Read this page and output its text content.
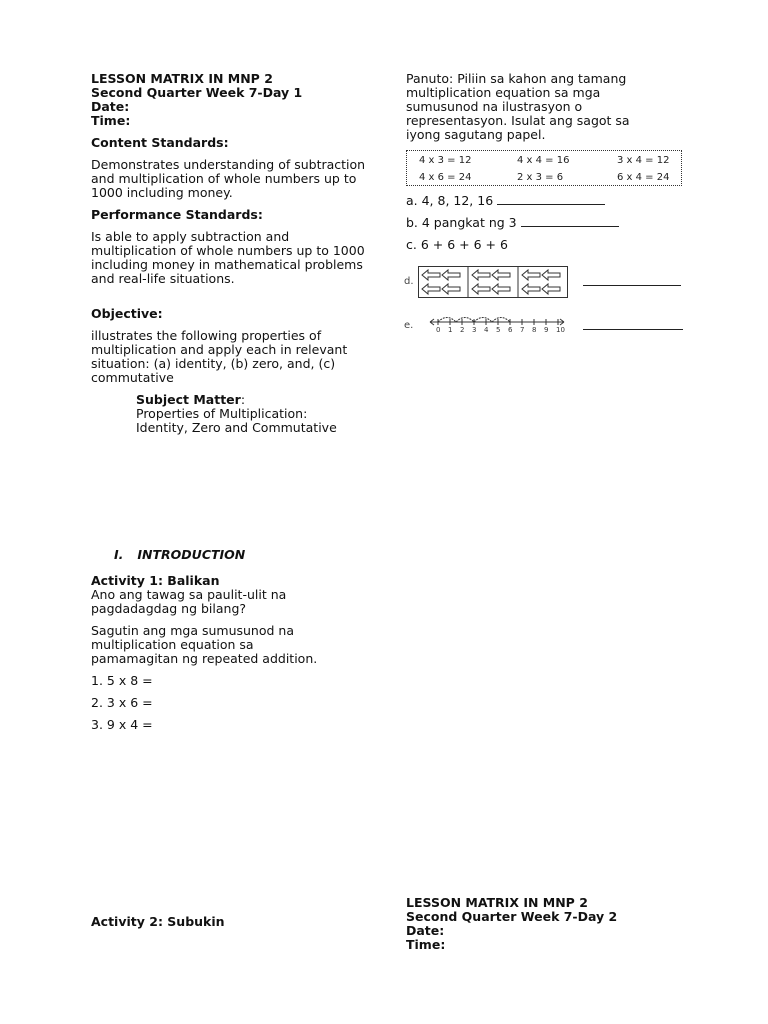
LESSON MATRIX IN MNP 2

Second Quarter Week 7-Day 1

Date:

Time:

Content Standards:

Demonstrates understanding of subtraction and multiplication of whole numbers up to 1000 including money.

Performance Standards:

Is able to apply subtraction and multiplication of whole numbers up to 1000 including money in mathematical problems and real-life situations.

Objective:

illustrates the following properties of multiplication and apply each in relevant situation: (a) identity, (b) zero, and, (c) commutative

Subject Matter:

Properties of Multiplication:

Identity, Zero and Commutative

I. INTRODUCTION

Activity 1: Balikan

Ano ang tawag sa paulit-ulit na pagdadagdag ng bilang?

Sagutin ang mga sumusunod na multiplication equation sa pamamagitan ng repeated addition.

1. 5 x 8 =

2. 3 x 6 =

3. 9 x 4 =

Activity 2: Subukin

Panuto: Piliin sa kahon ang tamang multiplication equation sa mga sumusunod na ilustrasyon o representasyon. Isulat ang sagot sa iyong sagutang papel.

4 x 3 = 12	4 x 4 = 16	3 x 4 = 12
4 x 6 = 24	2 x 3 = 6	6 x 4 = 24
a. 4, 8, 12, 16
b. 4 pangkat ng 3

c. 6 + 6 + 6 + 6

d.
e.	0 1 2 3 4 5 6 7 8 9 10

LESSON MATRIX IN MNP 2

Second Quarter Week 7-Day 2

Date:

Time:
